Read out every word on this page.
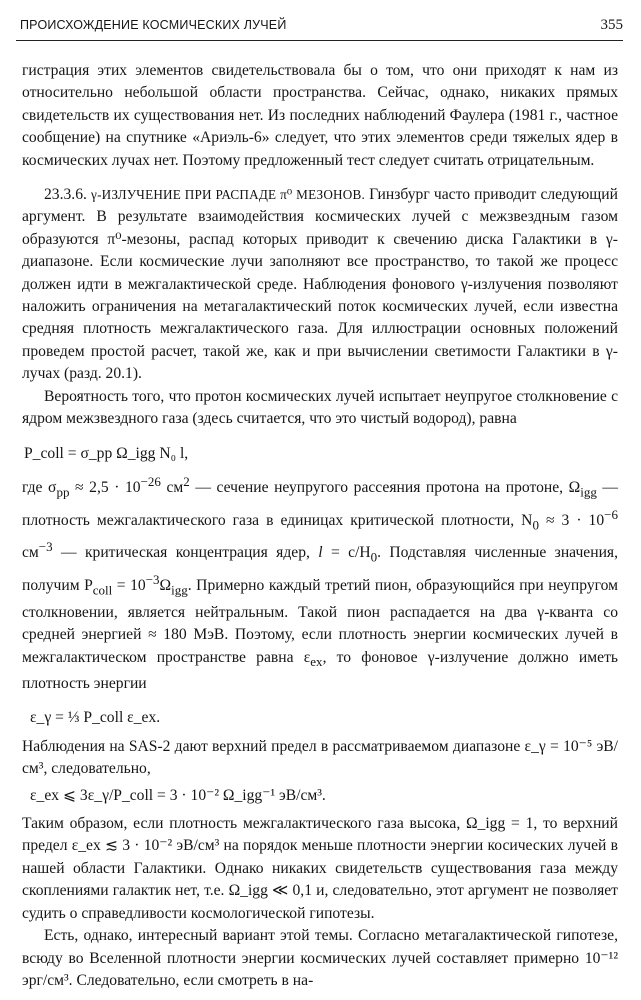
ПРОИСХОЖДЕНИЕ КОСМИЧЕСКИХ ЛУЧЕЙ	355

гистрация этих элементов свидетельствовала бы о том, что они приходят к нам из относительно небольшой области пространства. Сейчас, однако, никаких прямых свидетельств их существования нет. Из последних наблюдений Фаулера (1981 г., частное сообщение) на спутнике «Ариэль-6» следует, что этих элементов среди тяжелых ядер в космических лучах нет. Поэтому предложенный тест следует считать отрицательным.

23.3.6. γ-ИЗЛУЧЕНИЕ ПРИ РАСПАДЕ π⁰ МЕЗОНОВ. Гинзбург часто приводит следующий аргумент. В результате взаимодействия космических лучей с межзвездным газом образуются π⁰-мезоны, распад которых приводит к свечению диска Галактики в γ-диапазоне. Если космические лучи заполняют все пространство, то такой же процесс должен идти в межгалактической среде. Наблюдения фонового γ-излучения позволяют наложить ограничения на метагалактический поток космических лучей, если известна средняя плотность межгалактического газа. Для иллюстрации основных положений проведем простой расчет, такой же, как и при вычислении светимости Галактики в γ-лучах (разд. 20.1).

Вероятность того, что протон космических лучей испытает неупругое столкновение с ядром межзвездного газа (здесь считается, что это чистый водород), равна

P_coll = σ_pp Ω_igg N₀ l,

где $\sigma_{pp} \approx 2,5 \cdot 10^{-26}$ $см^2$ — сечение неупругого рассеяния протона на протоне, $\Omega_{igg}$ — плотность межгалактического газа в единицах критической плотности, $N_0 \approx 3 \cdot 10^{-6}$ $см^{-3}$ — критическая концентрация ядер, $l = c/H_0$. Подставляя численные значения, получим $P_{coll} = 10^{-3}\Omega_{igg}$. Примерно каждый третий пион, образующийся при неупругом столкновении, является нейтральным. Такой пион распадается на два γ-кванта со средней энергией ≈ 180 МэВ. Поэтому, если плотность энергии космических лучей в межгалактическом пространстве равна $\varepsilon_{ex}$, то фоновое γ-излучение должно иметь плотность энергии

ε_γ = ⅓ P_coll ε_ex.

Наблюдения на SAS-2 дают верхний предел в рассматриваемом диапазоне ε_γ = 10⁻⁵ эВ/см³, следовательно,

ε_ex ⩽ 3ε_γ/P_coll = 3 · 10⁻² Ω_igg⁻¹ эВ/см³.

Таким образом, если плотность межгалактического газа высока, Ω_igg = 1, то верхний предел ε_ex ≲ 3 · 10⁻² эВ/см³ на порядок меньше плотности энергии косических лучей в нашей области Галактики. Однако никаких свидетельств существования газа между скоплениями галактик нет, т.е. Ω_igg ≪ 0,1 и, следовательно, этот аргумент не позволяет судить о справедливости космологической гипотезы.

Есть, однако, интересный вариант этой темы. Согласно метагалактической гипотезе, всюду во Вселенной плотности энергии космических лучей составляет примерно 10⁻¹² эрг/см³. Следовательно, если смотреть в на-
